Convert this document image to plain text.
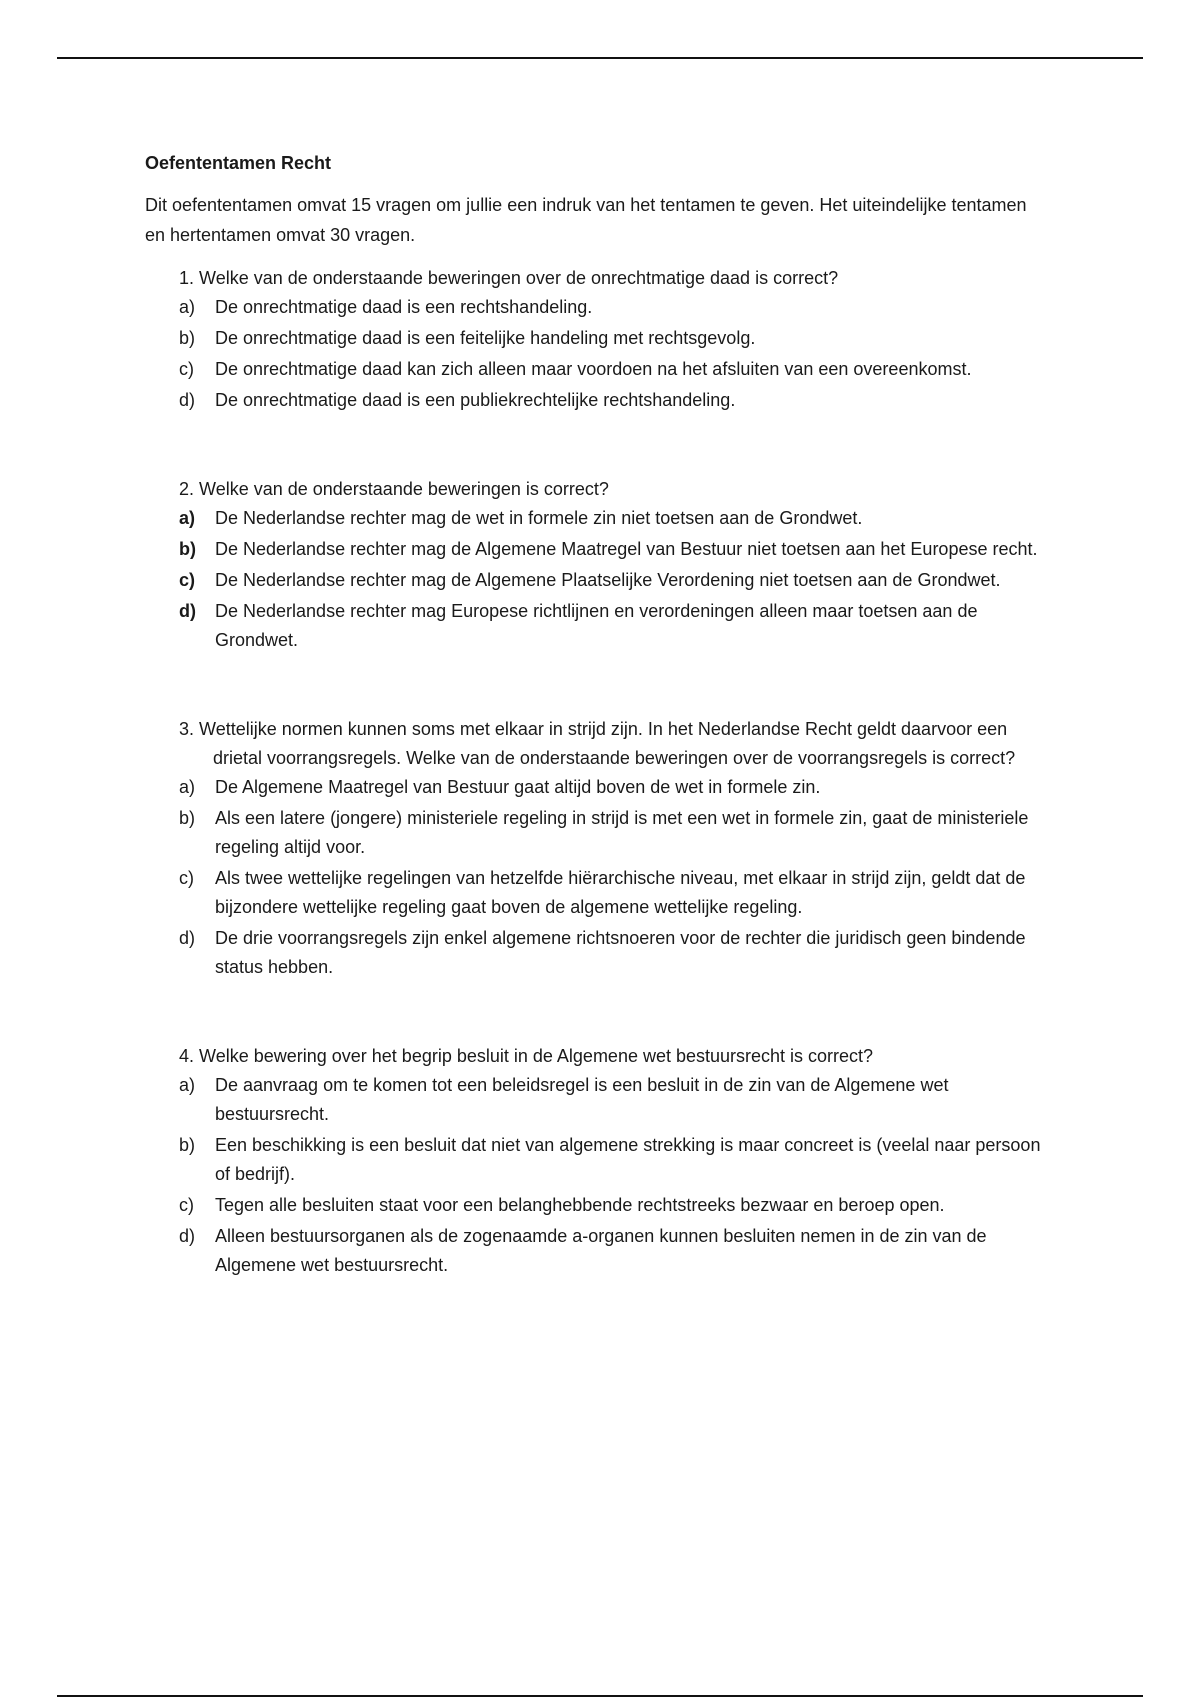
Oefententamen Recht
Dit oefententamen omvat 15 vragen om jullie een indruk van het tentamen te geven. Het uiteindelijke tentamen en hertentamen omvat 30 vragen.

1. Welke van de onderstaande beweringen over de onrechtmatige daad is correct?

a)	De onrechtmatige daad is een rechtshandeling.
b)	De onrechtmatige daad is een feitelijke handeling met rechtsgevolg.
c)	De onrechtmatige daad kan zich alleen maar voordoen na het afsluiten van een overeenkomst.
d)	De onrechtmatige daad is een publiekrechtelijke rechtshandeling.

2. Welke van de onderstaande beweringen is correct?

a)	De Nederlandse rechter mag de wet in formele zin niet toetsen aan de Grondwet.
b)	De Nederlandse rechter mag de Algemene Maatregel van Bestuur niet toetsen aan het Europese recht.
c)	De Nederlandse rechter mag de Algemene Plaatselijke Verordening niet toetsen aan de Grondwet.
d)	De Nederlandse rechter mag Europese richtlijnen en verordeningen alleen maar toetsen aan de Grondwet.

3. Wettelijke normen kunnen soms met elkaar in strijd zijn. In het Nederlandse Recht geldt daarvoor een drietal voorrangsregels. Welke van de onderstaande beweringen over de voorrangsregels is correct?

a)	De Algemene Maatregel van Bestuur gaat altijd boven de wet in formele zin.
b)	Als een latere (jongere) ministeriele regeling in strijd is met een wet in formele zin, gaat de ministeriele regeling altijd voor.
c)	Als twee wettelijke regelingen van hetzelfde hiërarchische niveau, met elkaar in strijd zijn, geldt dat de bijzondere wettelijke regeling gaat boven de algemene wettelijke regeling.
d)	De drie voorrangsregels zijn enkel algemene richtsnoeren voor de rechter die juridisch geen bindende status hebben.

4. Welke bewering over het begrip besluit in de Algemene wet bestuursrecht is correct?

a)	De aanvraag om te komen tot een beleidsregel is een besluit in de zin van de Algemene wet bestuursrecht.
b)	Een beschikking is een besluit dat niet van algemene strekking is maar concreet is (veelal naar persoon of bedrijf).
c)	Tegen alle besluiten staat voor een belanghebbende rechtstreeks bezwaar en beroep open.
d)	Alleen bestuursorganen als de zogenaamde a-organen kunnen besluiten nemen in de zin van de Algemene wet bestuursrecht.
